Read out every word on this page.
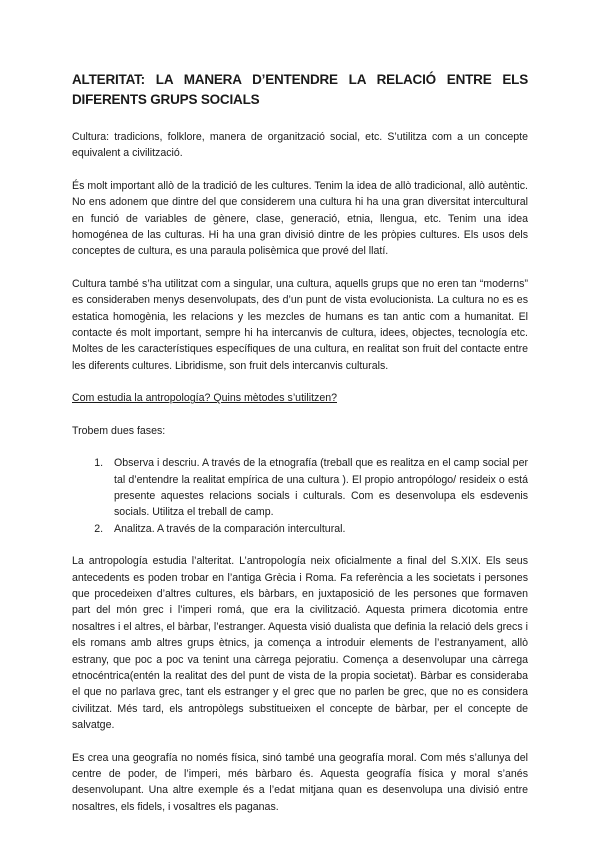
ALTERITAT: LA MANERA D’ENTENDRE LA RELACIÓ ENTRE ELS DIFERENTS GRUPS SOCIALS

Cultura: tradicions, folklore, manera de organització social, etc. S’utilitza com a un concepte equivalent a civilització.

És molt important allò de la tradició de les cultures. Tenim la idea de allò tradicional, allò autèntic. No ens adonem que dintre del que considerem una cultura hi ha una gran diversitat intercultural en funció de variables de gènere, clase, generació, etnia, llengua, etc. Tenim una idea homogénea de las culturas. Hi ha una gran divisió dintre de les pròpies cultures. Els usos dels conceptes de cultura, es una paraula polisèmica que prové del llatí.

Cultura també s’ha utilitzat com a singular, una cultura, aquells grups que no eren tan “moderns” es consideraben menys desenvolupats, des d’un punt de vista evolucionista. La cultura no es es estatica homogènia, les relacions y les mezcles de humans es tan antic com a humanitat. El contacte és molt important, sempre hi ha intercanvis de cultura, idees, objectes, tecnología etc. Moltes de les característiques específiques de una cultura, en realitat son fruit del contacte entre les diferents cultures. Libridisme, son fruit dels intercanvis culturals.

Com estudia la antropología? Quins mètodes s’utilitzen?

Trobem dues fases:

1. Observa i descriu. A través de la etnografía (treball que es realitza en el camp social per tal d’entendre la realitat empírica de una cultura ). El propio antropólogo/ resideix o está presente aquestes relacions socials i culturals. Com es desenvolupa els esdevenis socials. Utilitza el treball de camp.
2. Analitza. A través de la comparación intercultural.

La antropología estudia l’alteritat. L’antropología neix oficialmente a final del S.XIX. Els seus antecedents es poden trobar en l’antiga Grècia i Roma. Fa referència a les societats i persones que procedeixen d’altres cultures, els bàrbars, en juxtaposició de les persones que formaven part del món grec i l’imperi romá, que era la civilització. Aquesta primera dicotomia entre nosaltres i el altres, el bàrbar, l’estranger. Aquesta visió dualista que definia la relació dels grecs i els romans amb altres grups ètnics, ja comença a introduir elements de l’estranyament, allò estrany, que poc a poc va tenint una càrrega pejoratiu. Comença a desenvolupar una càrrega etnocéntrica(entén la realitat des del punt de vista de la propia societat). Bàrbar es consideraba el que no parlava grec, tant els estranger y el grec que no parlen be grec, que no es considera civilitzat. Més tard, els antropòlegs substitueixen el concepte de bàrbar, per el concepte de salvatge.

Es crea una geografía no només física, sinó també una geografía moral. Com més s’allunya del centre de poder, de l’imperi, més bàrbaro és. Aquesta geografía física y moral s’anés desenvolupant. Una altre exemple és a l’edat mitjana quan es desenvolupa una divisió entre nosaltres, els fidels, i vosaltres els paganas.
